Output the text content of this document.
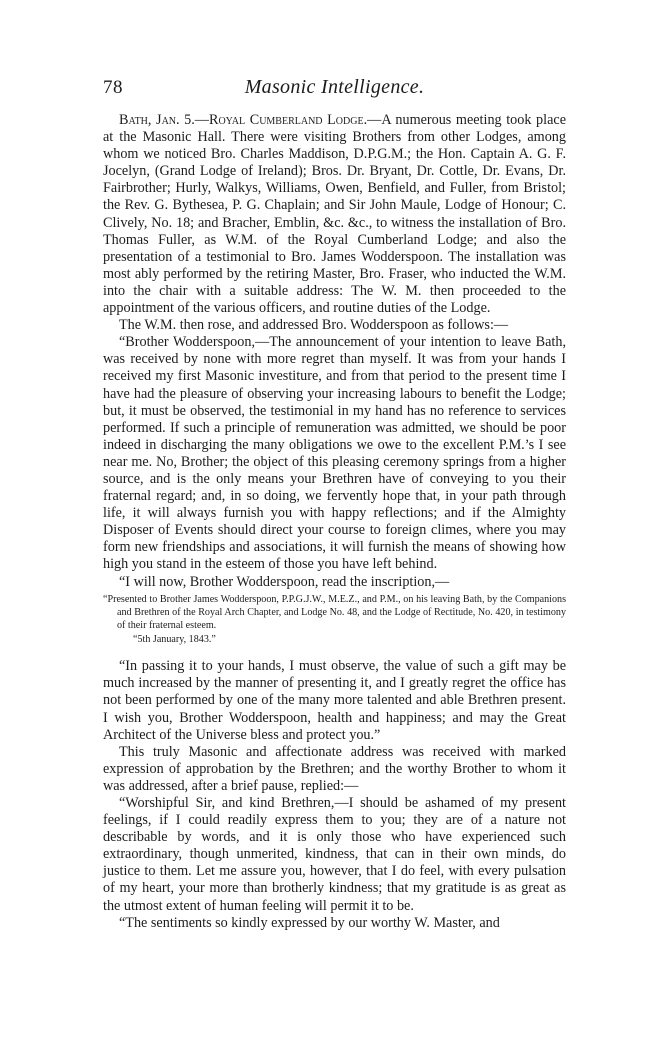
78	Masonic Intelligence.

Bath, Jan. 5.—Royal Cumberland Lodge.—A numerous meeting took place at the Masonic Hall. There were visiting Brothers from other Lodges, among whom we noticed Bro. Charles Maddison, D.P.G.M.; the Hon. Captain A. G. F. Jocelyn, (Grand Lodge of Ireland); Bros. Dr. Bryant, Dr. Cottle, Dr. Evans, Dr. Fairbrother; Hurly, Walkys, Williams, Owen, Benfield, and Fuller, from Bristol; the Rev. G. Bythesea, P. G. Chaplain; and Sir John Maule, Lodge of Honour; C. Clively, No. 18; and Bracher, Emblin, &c. &c., to witness the installation of Bro. Thomas Fuller, as W.M. of the Royal Cumberland Lodge; and also the presentation of a testimonial to Bro. James Wodderspoon. The installation was most ably performed by the retiring Master, Bro. Fraser, who inducted the W.M. into the chair with a suitable address: The W. M. then proceeded to the appointment of the various officers, and routine duties of the Lodge.

The W.M. then rose, and addressed Bro. Wodderspoon as follows:—

“Brother Wodderspoon,—The announcement of your intention to leave Bath, was received by none with more regret than myself. It was from your hands I received my first Masonic investiture, and from that period to the present time I have had the pleasure of observing your increasing labours to benefit the Lodge; but, it must be observed, the testimonial in my hand has no reference to services performed. If such a principle of remuneration was admitted, we should be poor indeed in discharging the many obligations we owe to the excellent P.M.’s I see near me. No, Brother; the object of this pleasing ceremony springs from a higher source, and is the only means your Brethren have of conveying to you their fraternal regard; and, in so doing, we fervently hope that, in your path through life, it will always furnish you with happy reflections; and if the Almighty Disposer of Events should direct your course to foreign climes, where you may form new friendships and associations, it will furnish the means of showing how high you stand in the esteem of those you have left behind.

“I will now, Brother Wodderspoon, read the inscription,—

“Presented to Brother James Wodderspoon, P.P.G.J.W., M.E.Z., and P.M., on his leaving Bath, by the Companions and Brethren of the Royal Arch Chapter, and Lodge No. 48, and the Lodge of Rectitude, No. 420, in testimony of their fraternal esteem.
“5th January, 1843.”

“In passing it to your hands, I must observe, the value of such a gift may be much increased by the manner of presenting it, and I greatly regret the office has not been performed by one of the many more talented and able Brethren present. I wish you, Brother Wodderspoon, health and happiness; and may the Great Architect of the Universe bless and protect you.”

This truly Masonic and affectionate address was received with marked expression of approbation by the Brethren; and the worthy Brother to whom it was addressed, after a brief pause, replied:—

“Worshipful Sir, and kind Brethren,—I should be ashamed of my present feelings, if I could readily express them to you; they are of a nature not describable by words, and it is only those who have experienced such extraordinary, though unmerited, kindness, that can in their own minds, do justice to them. Let me assure you, however, that I do feel, with every pulsation of my heart, your more than brotherly kindness; that my gratitude is as great as the utmost extent of human feeling will permit it to be.

“The sentiments so kindly expressed by our worthy W. Master, and
